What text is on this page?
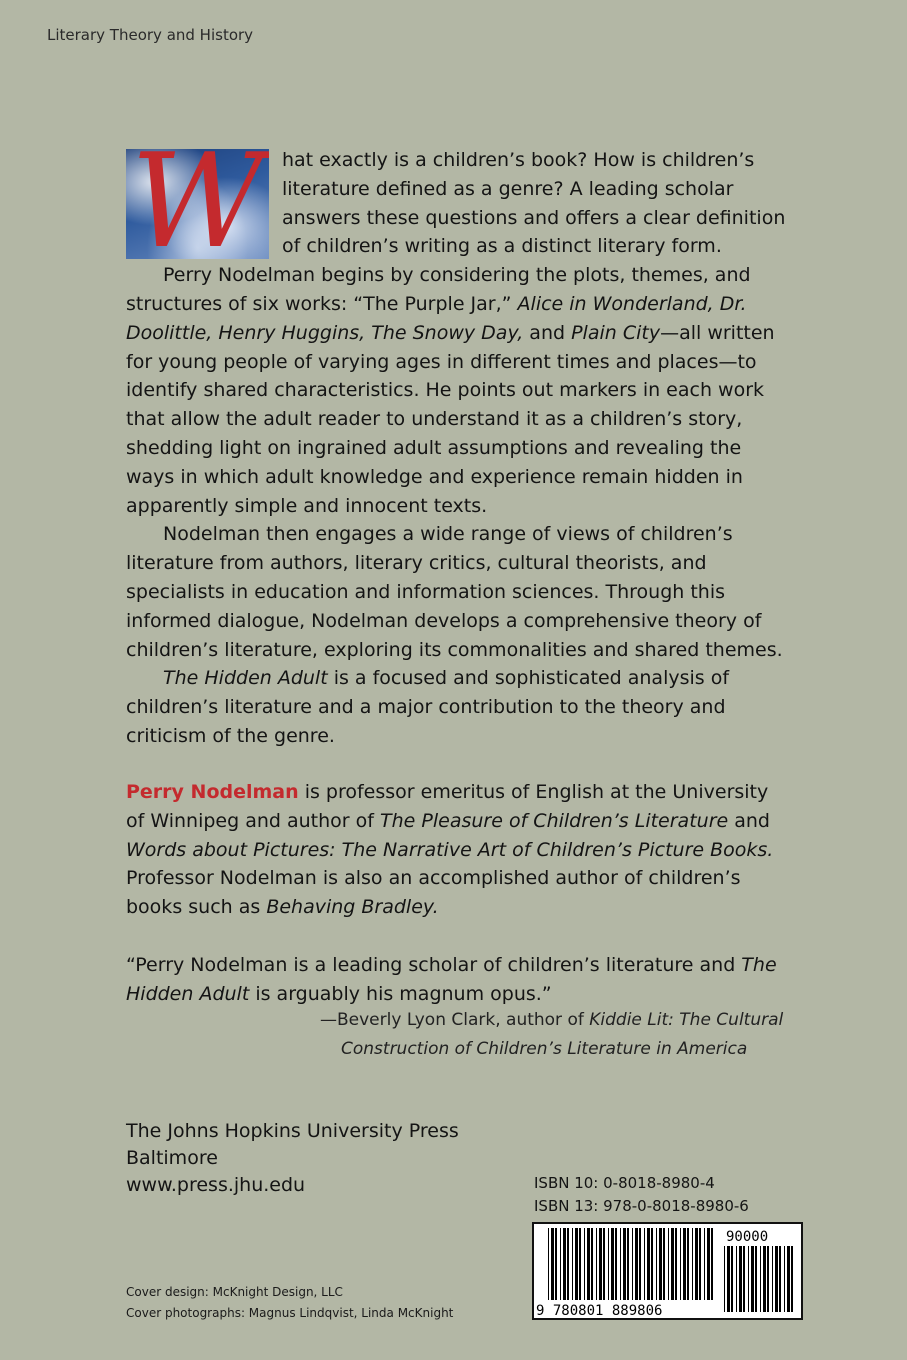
Literary Theory and History
W hat exactly is a children’s book? How is children’s literature defined as a genre? A leading scholar answers these questions and offers a clear definition of children’s writing as a distinct literary form.

Perry Nodelman begins by considering the plots, themes, and structures of six works: “The Purple Jar,” Alice in Wonderland, Dr. Doolittle, Henry Huggins, The Snowy Day, and Plain City—all written for young people of varying ages in different times and places—to identify shared characteristics. He points out markers in each work that allow the adult reader to understand it as a children’s story, shedding light on ingrained adult assumptions and revealing the ways in which adult knowledge and experience remain hidden in apparently simple and innocent texts.

Nodelman then engages a wide range of views of children’s literature from authors, literary critics, cultural theorists, and specialists in education and information sciences. Through this informed dialogue, Nodelman develops a comprehensive theory of children’s literature, exploring its commonalities and shared themes.

The Hidden Adult is a focused and sophisticated analysis of children’s literature and a major contribution to the theory and criticism of the genre.

Perry Nodelman is professor emeritus of English at the University of Winnipeg and author of The Pleasure of Children’s Literature and Words about Pictures: The Narrative Art of Children’s Picture Books. Professor Nodelman is also an accomplished author of children’s books such as Behaving Bradley.

“Perry Nodelman is a leading scholar of children’s literature and The Hidden Adult is arguably his magnum opus.”

—Beverly Lyon Clark, author of Kiddie Lit: The Cultural
Construction of Children’s Literature in America
The Johns Hopkins University Press
Baltimore
www.press.jhu.edu	ISBN 10: 0-8018-8980-4
ISBN 13: 978-0-8018-8980-6
9 780801 889806
90000
Cover design: McKnight Design, LLC
Cover photographs: Magnus Lindqvist, Linda McKnight
